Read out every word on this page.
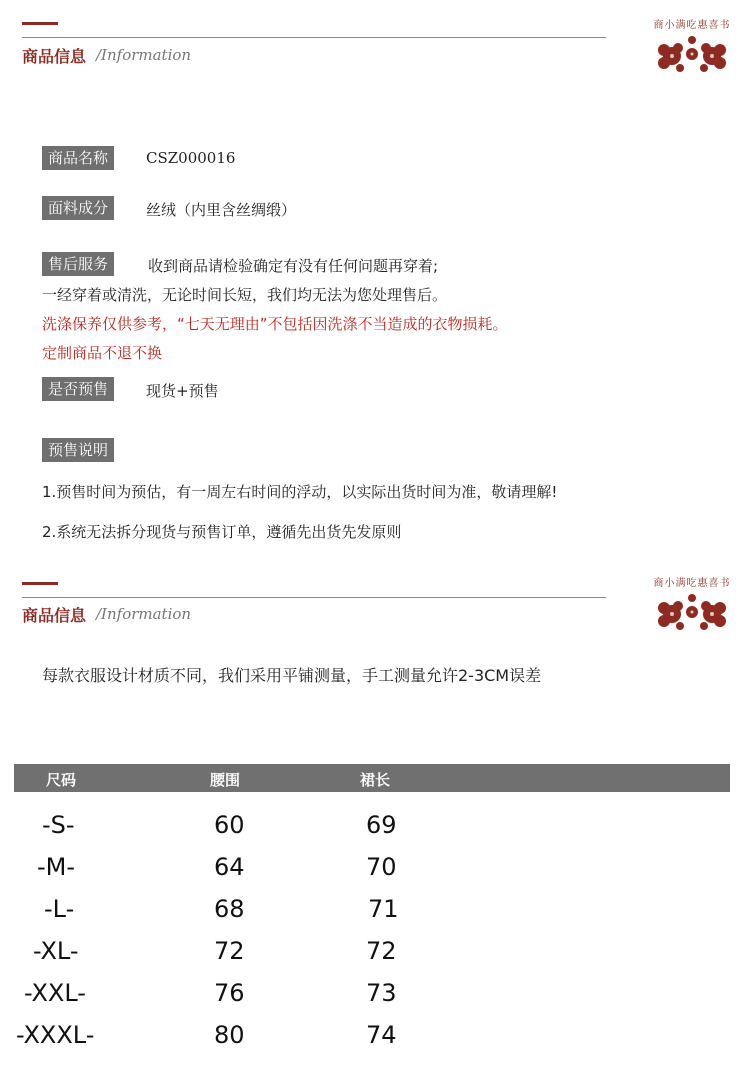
商品信息 /Information
商小满吃惠喜书
商品名称	CSZ000016
面料成分	丝绒（内里含丝绸缎）
售后服务	收到商品请检验确定有没有任何问题再穿着;
一经穿着或清洗，无论时间长短，我们均无法为您处理售后。
洗涤保养仅供参考，“七天无理由”不包括因洗涤不当造成的衣物损耗。
定制商品不退不换
是否预售	现货+预售
预售说明
1.预售时间为预估，有一周左右时间的浮动，以实际出货时间为准，敬请理解!
2.系统无法拆分现货与预售订单，遵循先出货先发原则
商品信息 /Information
商小满吃惠喜书
每款衣服设计材质不同，我们采用平铺测量，手工测量允许2-3CM误差
尺码	腰围	裙长
-S-	60	69
-M-	64	70
-L-	68	71
-XL-	72	72
-XXL-	76	73
-XXXL-	80	74
